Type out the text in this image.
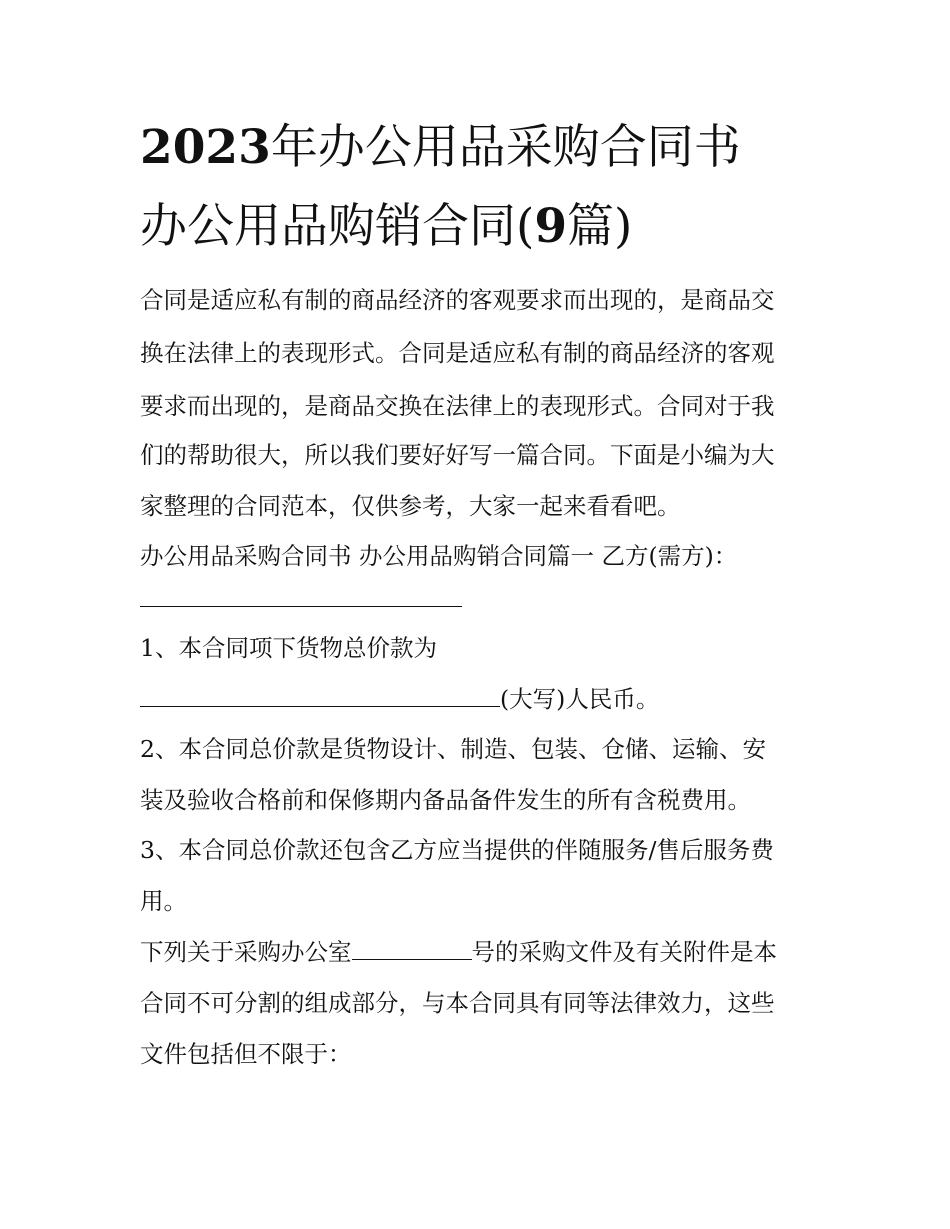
2023年办公用品采购合同书
办公用品购销合同(9篇)
合同是适应私有制的商品经济的客观要求而出现的，是商品交
换在法律上的表现形式。合同是适应私有制的商品经济的客观
要求而出现的，是商品交换在法律上的表现形式。合同对于我
们的帮助很大，所以我们要好好写一篇合同。下面是小编为大
家整理的合同范本，仅供参考，大家一起来看看吧。
办公用品采购合同书 办公用品购销合同篇一 乙方(需方)：
1、本合同项下货物总价款为
(大写)人民币。
2、本合同总价款是货物设计、制造、包装、仓储、运输、安
装及验收合格前和保修期内备品备件发生的所有含税费用。
3、本合同总价款还包含乙方应当提供的伴随服务/售后服务费
用。
下列关于采购办公室	号的采购文件及有关附件是本
合同不可分割的组成部分，与本合同具有同等法律效力，这些
文件包括但不限于：
